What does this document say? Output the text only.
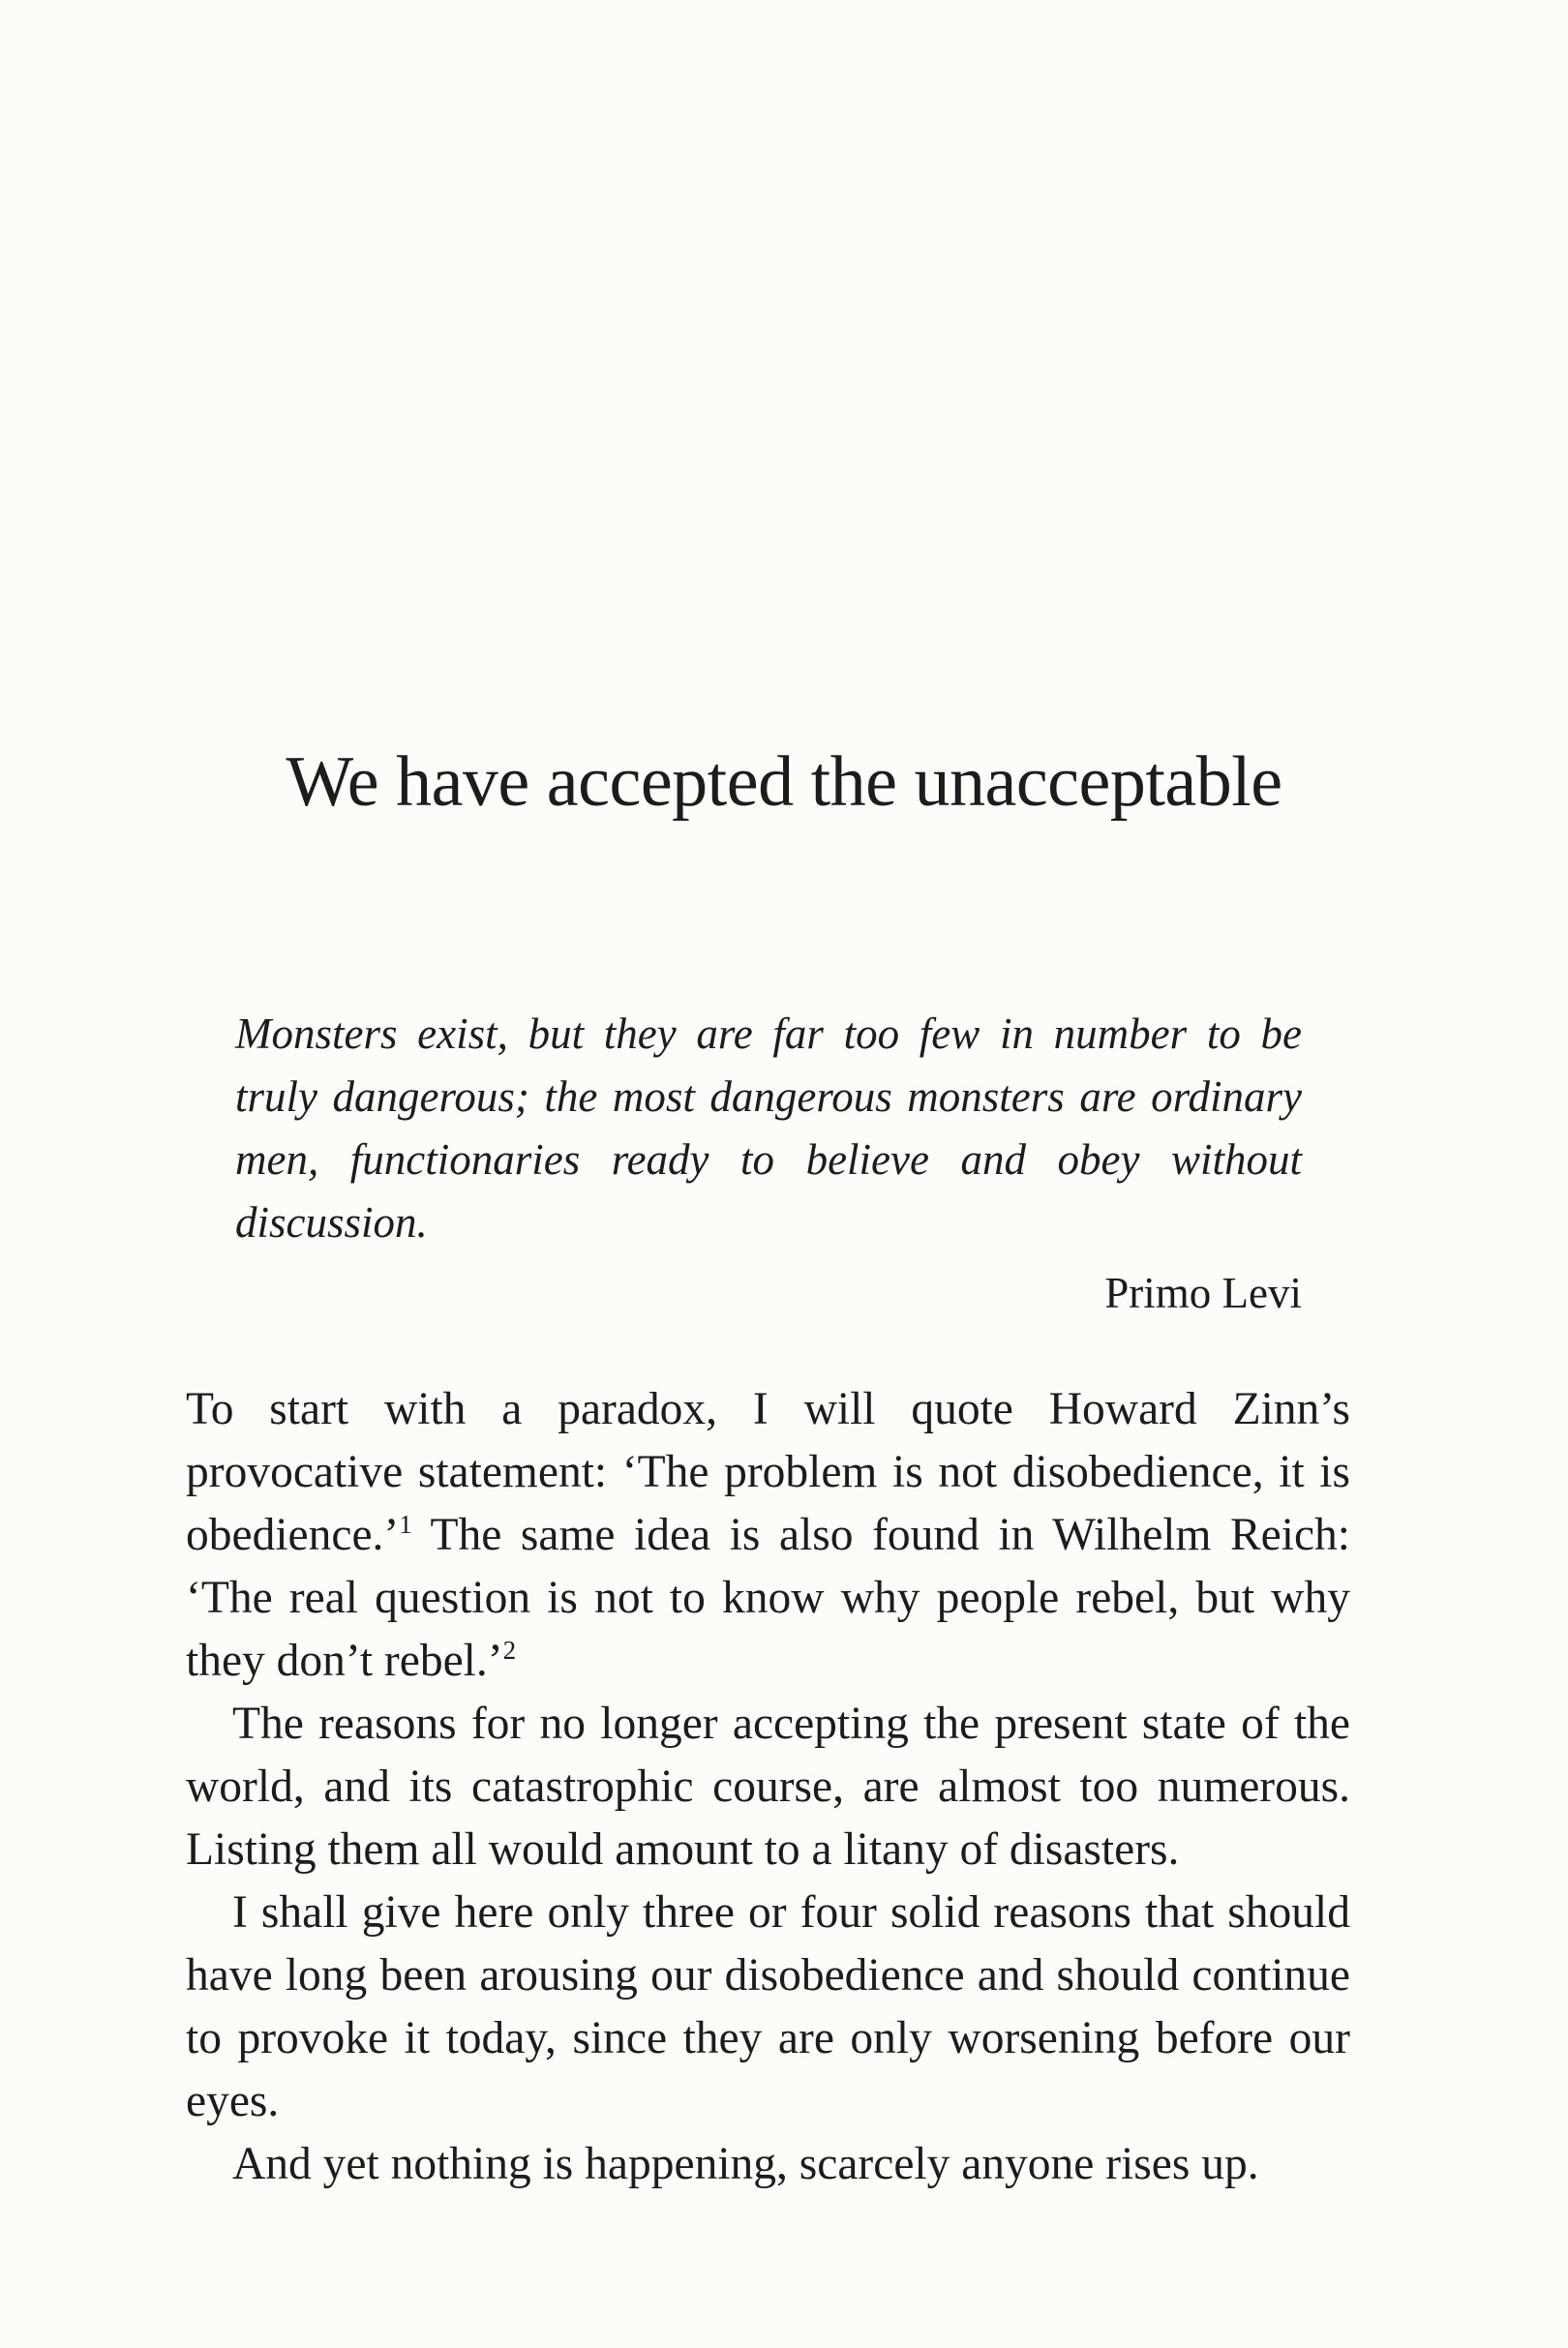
We have accepted the unacceptable
Monsters exist, but they are far too few in number to be truly dangerous; the most dangerous monsters are ordinary men, functionaries ready to believe and obey without discussion.
Primo Levi

To start with a paradox, I will quote Howard Zinn’s provocative statement: ‘The problem is not disobedience, it is obedience.’$^1$ The same idea is also found in Wilhelm Reich: ‘The real question is not to know why people rebel, but why they don’t rebel.’$^2$

The reasons for no longer accepting the present state of the world, and its catastrophic course, are almost too numerous. Listing them all would amount to a litany of disasters.

I shall give here only three or four solid reasons that should have long been arousing our disobedience and should continue to provoke it today, since they are only worsening before our eyes.

And yet nothing is happening, scarcely anyone rises up.
